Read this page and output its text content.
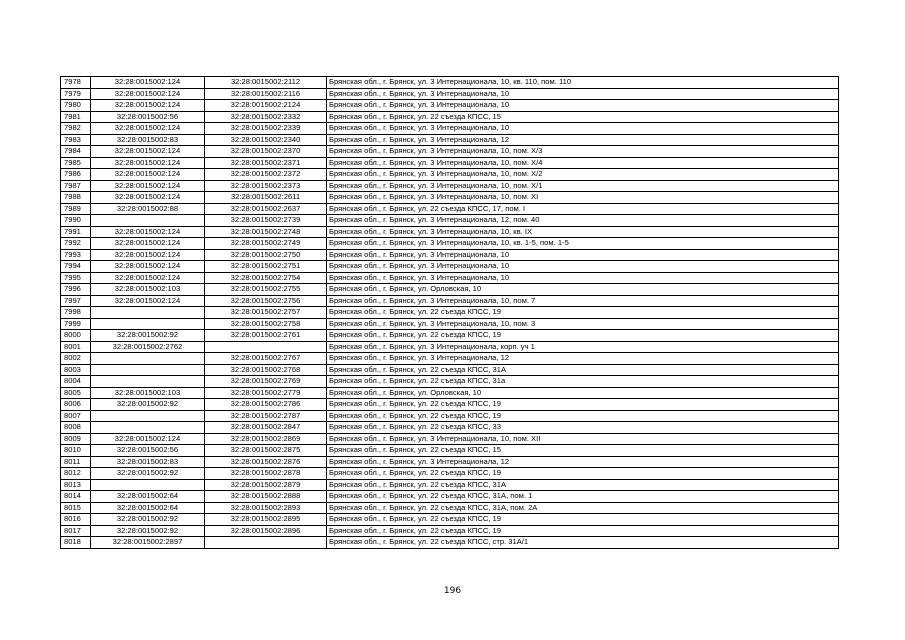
7978	32:28:0015002:124	32:28:0015002:2112	Брянская обл., г. Брянск, ул. 3 Интернационала, 10, кв. 110, пом. 110
7979	32:28:0015002:124	32:28:0015002:2116	Брянская обл., г. Брянск, ул. 3 Интернационала, 10
7980	32:28:0015002:124	32:28:0015002:2124	Брянская обл., г. Брянск, ул. 3 Интернационала, 10
7981	32:28:0015002:56	32:28:0015002:2332	Брянская обл., г. Брянск, ул. 22 съезда КПСС, 15
7982	32:28:0015002:124	32:28:0015002:2339	Брянская обл., г. Брянск, ул. 3 Интернационала, 10
7983	32:28:0015002:83	32:28:0015002:2340	Брянская обл., г. Брянск, ул. 3 Интернационала, 12
7984	32:28:0015002:124	32:28:0015002:2370	Брянская обл., г. Брянск, ул. 3 Интернационала, 10, пом. Х/3
7985	32:28:0015002:124	32:28:0015002:2371	Брянская обл., г. Брянск, ул. 3 Интернационала, 10, пом. Х/4
7986	32:28:0015002:124	32:28:0015002:2372	Брянская обл., г. Брянск, ул. 3 Интернационала, 10, пом. Х/2
7987	32:28:0015002:124	32:28:0015002:2373	Брянская обл., г. Брянск, ул. 3 Интернационала, 10, пом. Х/1
7988	32:28:0015002:124	32:28:0015002:2611	Брянская обл., г. Брянск, ул. 3 Интернационала, 10, пом. XI
7989	32:28:0015002:88	32:28:0015002:2637	Брянская обл., г. Брянск, ул. 22 съезда КПСС, 17, пом. I
7990		32:28:0015002:2739	Брянская обл., г. Брянск, ул. 3 Интернационала, 12, пом. 40
7991	32:28:0015002:124	32:28:0015002:2748	Брянская обл., г. Брянск, ул. 3 Интернационала, 10, кв. IX
7992	32:28:0015002:124	32:28:0015002:2749	Брянская обл., г. Брянск, ул. 3 Интернационала, 10, кв. 1-5, пом. 1-5
7993	32:28:0015002:124	32:28:0015002:2750	Брянская обл., г. Брянск, ул. 3 Интернационала, 10
7994	32:28:0015002:124	32:28:0015002:2751	Брянская обл., г. Брянск, ул. 3 Интернационала, 10
7995	32:28:0015002:124	32:28:0015002:2754	Брянская обл., г. Брянск, ул. 3 Интернационала, 10
7996	32:28:0015002:103	32:28:0015002:2755	Брянская обл., г. Брянск, ул. Орловская, 10
7997	32:28:0015002:124	32:28:0015002:2756	Брянская обл., г. Брянск, ул. 3 Интернационала, 10, пом. 7
7998		32:28:0015002:2757	Брянская обл., г. Брянск, ул. 22 съезда КПСС, 19
7999		32:28:0015002:2758	Брянская обл., г. Брянск, ул. 3 Интернационала, 10, пом. 3
8000	32:28:0015002:92	32:28:0015002:2761	Брянская обл., г. Брянск, ул. 22 съезда КПСС, 19
8001	32:28:0015002:2762		Брянская обл., г. Брянск, ул. 3 Интернационала, корп. уч 1
8002		32:28:0015002:2767	Брянская обл., г. Брянск, ул. 3 Интернационала, 12
8003		32:28:0015002:2768	Брянская обл., г. Брянск, ул. 22 съезда КПСС, 31А
8004		32:28:0015002:2769	Брянская обл., г. Брянск, ул. 22 съезда КПСС, 31а
8005	32:28:0015002:103	32:28:0015002:2779	Брянская обл., г. Брянск, ул. Орловская, 10
8006	32:28:0015002:92	32:28:0015002:2786	Брянская обл., г. Брянск, ул. 22 съезда КПСС, 19
8007		32:28:0015002:2787	Брянская обл., г. Брянск, ул. 22 съезда КПСС, 19
8008		32:28:0015002:2847	Брянская обл., г. Брянск, ул. 22 съезда КПСС, 33
8009	32:28:0015002:124	32:28:0015002:2869	Брянская обл., г. Брянск, ул. 3 Интернационала, 10, пом. XII
8010	32:28:0015002:56	32:28:0015002:2875	Брянская обл., г. Брянск, ул. 22 съезда КПСС, 15
8011	32:28:0015002:83	32:28:0015002:2876	Брянская обл., г. Брянск, ул. 3 Интернационала, 12
8012	32:28:0015002:92	32:28:0015002:2878	Брянская обл., г. Брянск, ул. 22 съезда КПСС, 19
8013		32:28:0015002:2879	Брянская обл., г. Брянск, ул. 22 съезда КПСС, 31А
8014	32:28:0015002:64	32:28:0015002:2888	Брянская обл., г. Брянск, ул. 22 съезда КПСС, 31А, пом. 1
8015	32:28:0015002:64	32:28:0015002:2893	Брянская обл., г. Брянск, ул. 22 съезда КПСС, 31А, пом. 2А
8016	32:28:0015002:92	32:28:0015002:2895	Брянская обл., г. Брянск, ул. 22 съезда КПСС, 19
8017	32:28:0015002:92	32:28:0015002:2896	Брянская обл., г. Брянск, ул. 22 съезда КПСС, 19
8018	32:28:0015002:2897		Брянская обл., г. Брянск, ул. 22 съезда КПСС, стр. 31А/1
196
